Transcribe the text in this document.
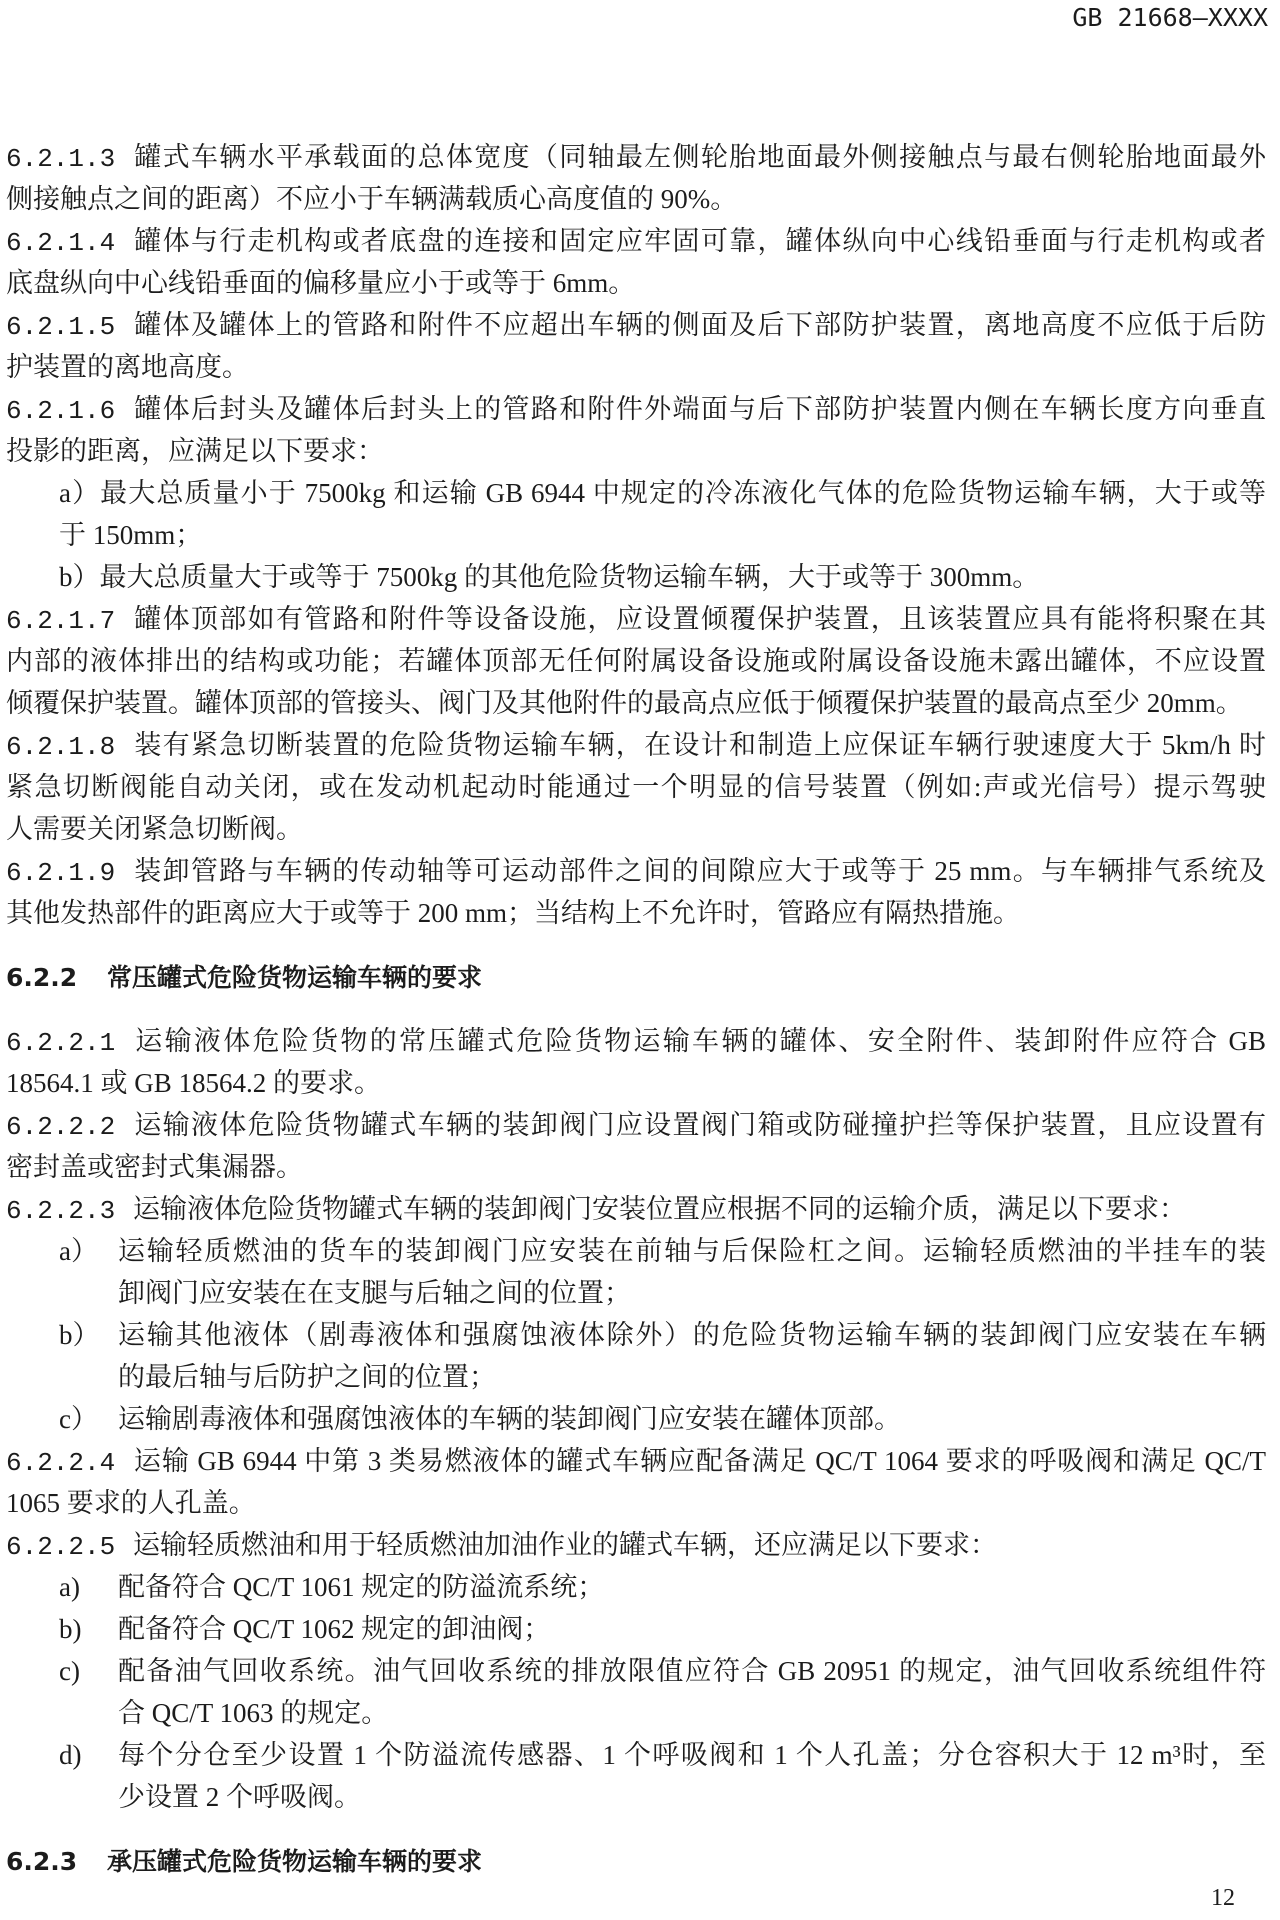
GB 21668—XXXX
6.2.1.3 罐式车辆水平承载面的总体宽度（同轴最左侧轮胎地面最外侧接触点与最右侧轮胎地面最外
侧接触点之间的距离）不应小于车辆满载质心高度值的 90%。
6.2.1.4 罐体与行走机构或者底盘的连接和固定应牢固可靠，罐体纵向中心线铅垂面与行走机构或者
底盘纵向中心线铅垂面的偏移量应小于或等于 6mm。
6.2.1.5 罐体及罐体上的管路和附件不应超出车辆的侧面及后下部防护装置，离地高度不应低于后防
护装置的离地高度。
6.2.1.6 罐体后封头及罐体后封头上的管路和附件外端面与后下部防护装置内侧在车辆长度方向垂直
投影的距离，应满足以下要求：
a）最大总质量小于 7500kg 和运输 GB 6944 中规定的冷冻液化气体的危险货物运输车辆，大于或等
于 150mm；
b）最大总质量大于或等于 7500kg 的其他危险货物运输车辆，大于或等于 300mm。
6.2.1.7 罐体顶部如有管路和附件等设备设施，应设置倾覆保护装置，且该装置应具有能将积聚在其
内部的液体排出的结构或功能；若罐体顶部无任何附属设备设施或附属设备设施未露出罐体，不应设置
倾覆保护装置。罐体顶部的管接头、阀门及其他附件的最高点应低于倾覆保护装置的最高点至少 20mm。
6.2.1.8 装有紧急切断装置的危险货物运输车辆，在设计和制造上应保证车辆行驶速度大于 5km/h 时
紧急切断阀能自动关闭，或在发动机起动时能通过一个明显的信号装置（例如:声或光信号）提示驾驶
人需要关闭紧急切断阀。
6.2.1.9 装卸管路与车辆的传动轴等可运动部件之间的间隙应大于或等于 25 mm。与车辆排气系统及
其他发热部件的距离应大于或等于 200 mm；当结构上不允许时，管路应有隔热措施。
6.2.2 常压罐式危险货物运输车辆的要求
6.2.2.1 运输液体危险货物的常压罐式危险货物运输车辆的罐体、安全附件、装卸附件应符合 GB
18564.1 或 GB 18564.2 的要求。
6.2.2.2 运输液体危险货物罐式车辆的装卸阀门应设置阀门箱或防碰撞护拦等保护装置，且应设置有
密封盖或密封式集漏器。
6.2.2.3 运输液体危险货物罐式车辆的装卸阀门安装位置应根据不同的运输介质，满足以下要求：
a） 运输轻质燃油的货车的装卸阀门应安装在前轴与后保险杠之间。运输轻质燃油的半挂车的装
卸阀门应安装在在支腿与后轴之间的位置；
b） 运输其他液体（剧毒液体和强腐蚀液体除外）的危险货物运输车辆的装卸阀门应安装在车辆
的最后轴与后防护之间的位置；
c） 运输剧毒液体和强腐蚀液体的车辆的装卸阀门应安装在罐体顶部。
6.2.2.4 运输 GB 6944 中第 3 类易燃液体的罐式车辆应配备满足 QC/T 1064 要求的呼吸阀和满足 QC/T
1065 要求的人孔盖。
6.2.2.5 运输轻质燃油和用于轻质燃油加油作业的罐式车辆，还应满足以下要求：
a) 配备符合 QC/T 1061 规定的防溢流系统；
b) 配备符合 QC/T 1062 规定的卸油阀；
c) 配备油气回收系统。油气回收系统的排放限值应符合 GB 20951 的规定，油气回收系统组件符
合 QC/T 1063 的规定。
d) 每个分仓至少设置 1 个防溢流传感器、1 个呼吸阀和 1 个人孔盖；分仓容积大于 12 m³时，至
少设置 2 个呼吸阀。
6.2.3 承压罐式危险货物运输车辆的要求
12
